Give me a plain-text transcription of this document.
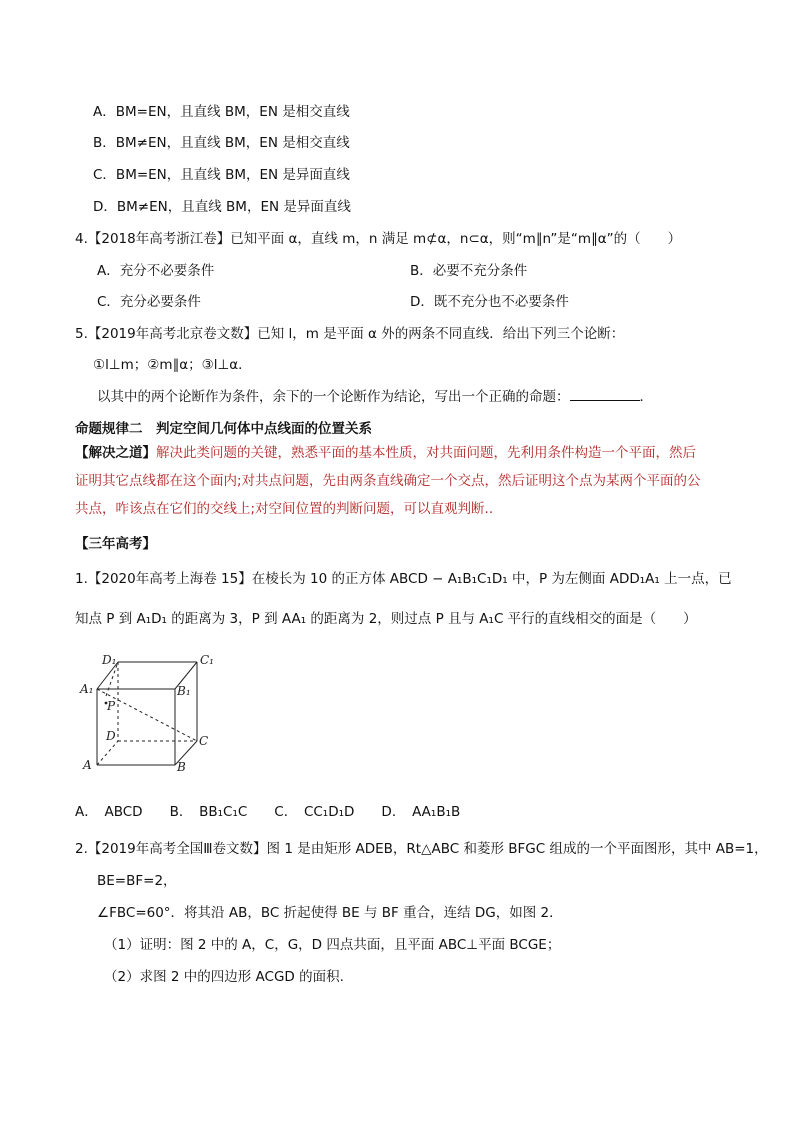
A．BM=EN，且直线 BM，EN 是相交直线
B．BM≠EN，且直线 BM，EN 是相交直线
C．BM=EN，且直线 BM，EN 是异面直线
D．BM≠EN，且直线 BM，EN 是异面直线
4.【2018年高考浙江卷】已知平面 α，直线 m，n 满足 m⊄α，n⊂α，则“m∥n”是“m∥α”的（　　）
A．充分不必要条件	B．必要不充分条件
C．充分必要条件	D．既不充分也不必要条件
5.【2019年高考北京卷文数】已知 l，m 是平面 α 外的两条不同直线．给出下列三个论断：
①l⊥m；②m∥α；③l⊥α．
以其中的两个论断作为条件，余下的一个论断作为结论，写出一个正确的命题：	．
命题规律二　判定空间几何体中点线面的位置关系
【解决之道】解决此类问题的关键，熟悉平面的基本性质，对共面问题，先利用条件构造一个平面，然后
证明其它点线都在这个面内;对共点问题，先由两条直线确定一个交点，然后证明这个点为某两个平面的公
共点，咋该点在它们的交线上;对空间位置的判断问题，可以直观判断..
【三年高考】
1.【2020年高考上海卷 15】在棱长为 10 的正方体 ABCD − A₁B₁C₁D₁ 中，P 为左侧面 ADD₁A₁ 上一点，已
知点 P 到 A₁D₁ 的距离为 3，P 到 AA₁ 的距离为 2，则过点 P 且与 A₁C 平行的直线相交的面是（　　）
D₁	C₁
A₁	B₁
P
D	C
A	B
A．　ABCD　　B．　BB₁C₁C　　C．　CC₁D₁D　　D．　AA₁B₁B
2.【2019年高考全国Ⅲ卷文数】图 1 是由矩形 ADEB，Rt△ABC 和菱形 BFGC 组成的一个平面图形，其中 AB=1，
BE=BF=2，
∠FBC=60°．将其沿 AB，BC 折起使得 BE 与 BF 重合，连结 DG，如图 2．
（1）证明：图 2 中的 A，C，G，D 四点共面，且平面 ABC⊥平面 BCGE；
（2）求图 2 中的四边形 ACGD 的面积.
